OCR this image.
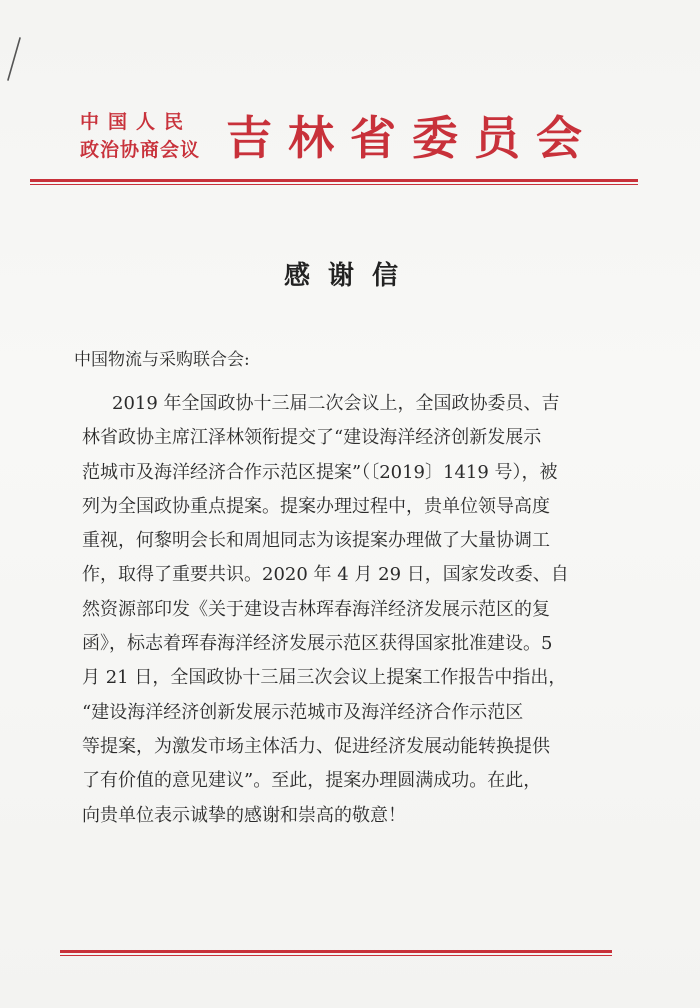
中国人民
政治协商会议 吉林省委员会
感谢信
中国物流与采购联合会:
2019 年全国政协十三届二次会议上，全国政协委员、吉
林省政协主席江泽林领衔提交了“建设海洋经济创新发展示
范城市及海洋经济合作示范区提案”（〔2019〕1419 号），被
列为全国政协重点提案。提案办理过程中，贵单位领导高度
重视，何黎明会长和周旭同志为该提案办理做了大量协调工
作，取得了重要共识。2020 年 4 月 29 日，国家发改委、自
然资源部印发《关于建设吉林珲春海洋经济发展示范区的复
函》，标志着珲春海洋经济发展示范区获得国家批准建设。5
月 21 日，全国政协十三届三次会议上提案工作报告中指出，
“建设海洋经济创新发展示范城市及海洋经济合作示范区
等提案，为激发市场主体活力、促进经济发展动能转换提供
了有价值的意见建议”。至此，提案办理圆满成功。在此，
向贵单位表示诚挚的感谢和崇高的敬意！
